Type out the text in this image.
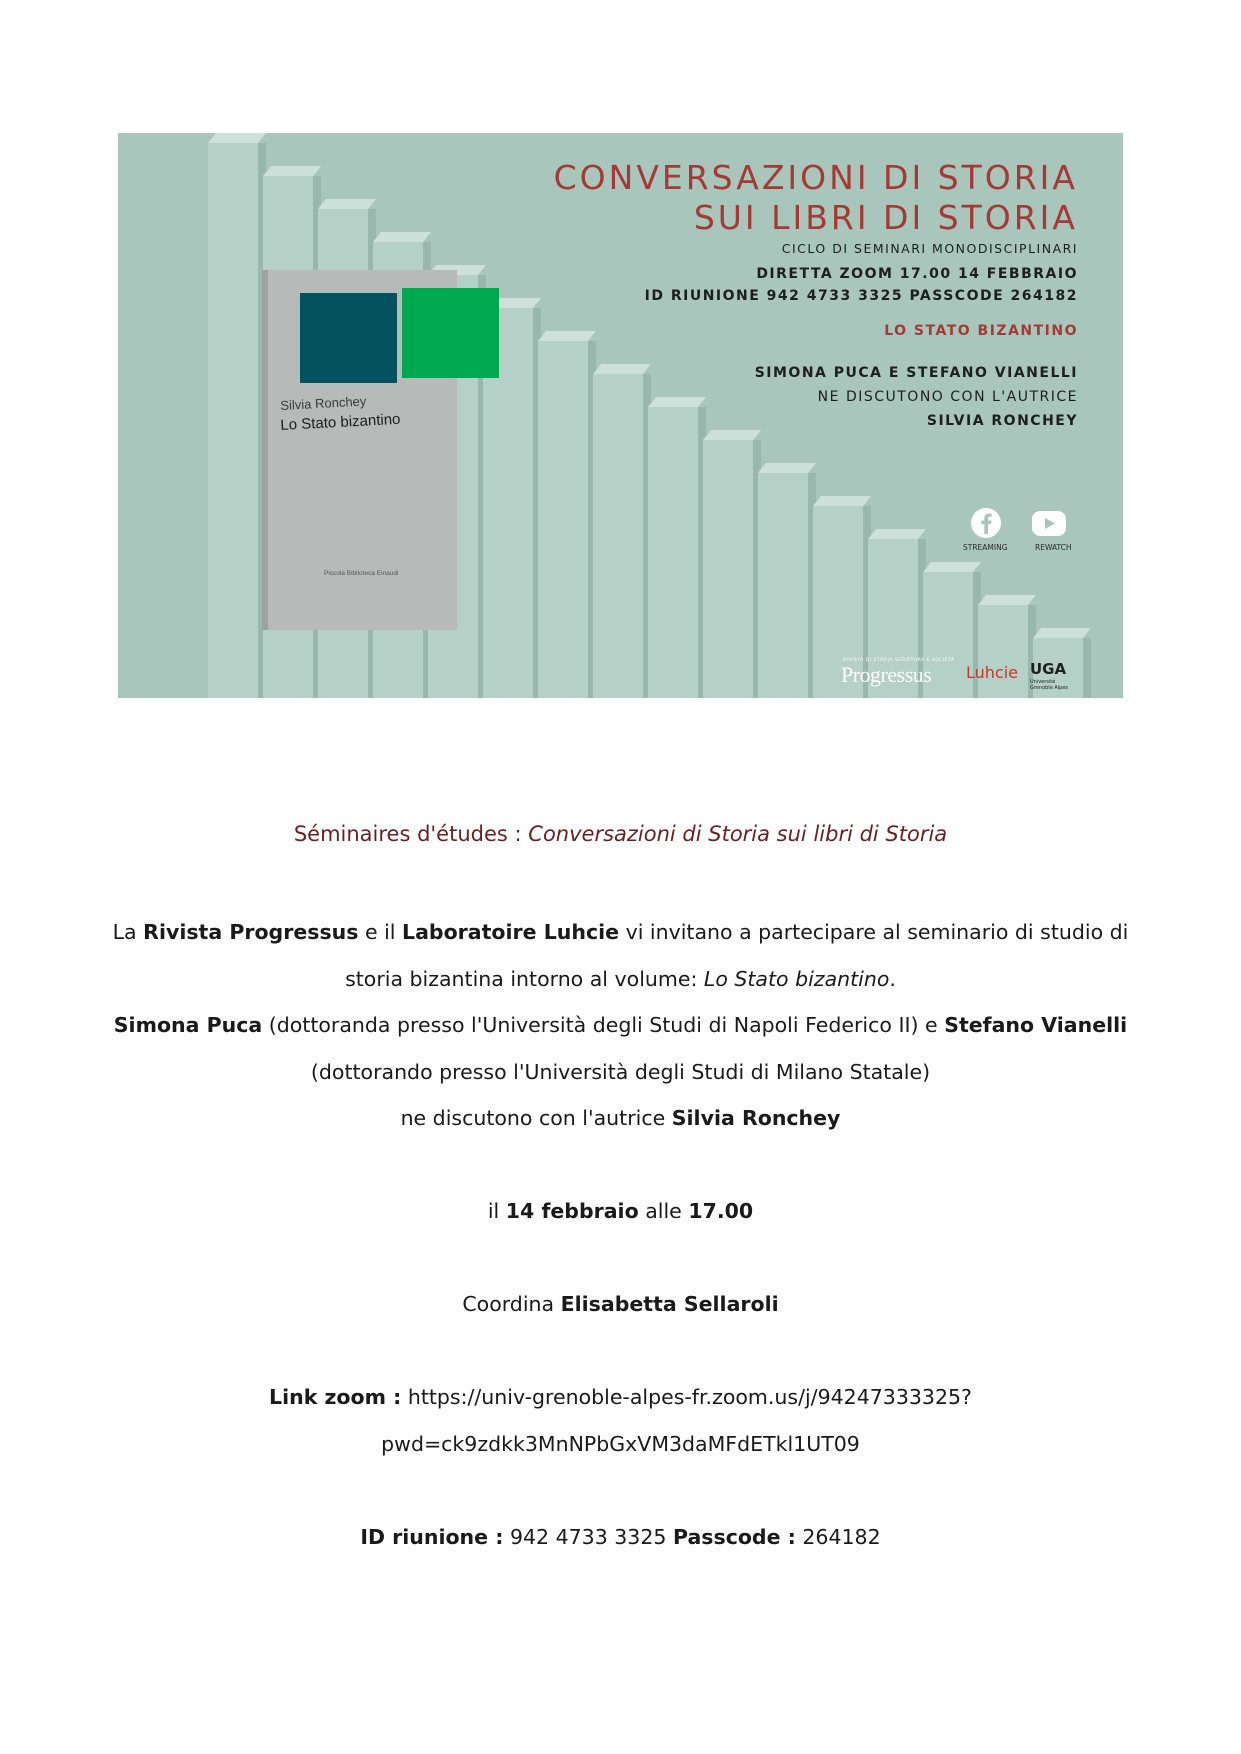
CONVERSAZIONI DI STORIA
SUI LIBRI DI STORIA
CICLO DI SEMINARI MONODISCIPLINARI
DIRETTA ZOOM 17.00 14 FEBBRAIO
ID RIUNIONE 942 4733 3325 PASSCODE 264182
LO STATO BIZANTINO
SIMONA PUCA E STEFANO VIANELLI
NE DISCUTONO CON L'AUTRICE
SILVIA RONCHEY
STREAMING	REWATCH
RIVISTA DI STORIA SCRITTURA E SOCIETÀ
Progressus Luhcie UGA
Université
Grenoble Alpes
Silvia Ronchey
Lo Stato bizantino
Piccola Biblioteca Einaudi
Séminaires d'études : Conversazioni di Storia sui libri di Storia
La Rivista Progressus e il Laboratoire Luhcie vi invitano a partecipare al seminario di studio di
storia bizantina intorno al volume: Lo Stato bizantino.
Simona Puca (dottoranda presso l'Università degli Studi di Napoli Federico II) e Stefano Vianelli
(dottorando presso l'Università degli Studi di Milano Statale)
ne discutono con l'autrice Silvia Ronchey
il 14 febbraio alle 17.00
Coordina Elisabetta Sellaroli
Link zoom : https://univ-grenoble-alpes-fr.zoom.us/j/94247333325?
pwd=ck9zdkk3MnNPbGxVM3daMFdETkl1UT09
ID riunione : 942 4733 3325 Passcode : 264182
